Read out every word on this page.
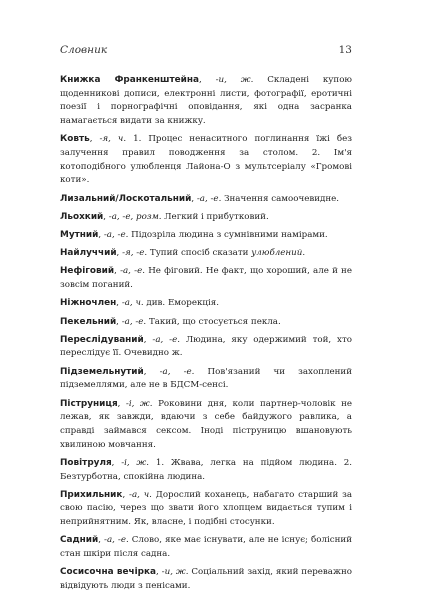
Словник	13

Книжка Франкенштейна, -и, ж. Складені купою щоденникові дописи, електронні листи, фотографії, еротичні поезії і порнографічні оповідання, які одна засранка намагається видати за книжку.

Ковть, -я, ч. 1. Процес ненаситного поглинання їжі без залучення правил поводження за столом. 2. Ім'я котоподібного улюбленця Лайона-О з мультсеріалу «Громові коти».

Лизальний/Лоскотальний, -а, -е. Значення самоочевидне.

Льохкий, -а, -е, розм. Легкий і прибутковий.

Мутний, -а, -е. Підозріла людина з сумнівними намірами.

Найлуччий, -я, -е. Тупий спосіб сказати улюблений.

Нефіговий, -а, -е. Не фіговий. Не факт, що хороший, але й не зовсім поганий.

Ніжночлен, -а, ч. див. Еморекція.

Пекельний, -а, -е. Такий, що стосується пекла.

Переслідуваний, -а, -е. Людина, яку одержимий той, хто переслідує її. Очевидно ж.

Підземельнутий, -а, -е. Пов'язаний чи захоплений підземеллями, але не в БДСМ-сенсі.

Піструниця, -і, ж. Роковини дня, коли партнер-чоловік не лежав, як завжди, вдаючи з себе байдужого равлика, а справді займався сексом. Іноді піструницю вшановують хвилиною мовчання.

Повітруля, -і, ж. 1. Жвава, легка на підйом людина. 2. Безтурботна, спокійна людина.

Прихильник, -а, ч. Дорослий коханець, набагато старший за свою пасію, через що звати його хлопцем видається тупим і неприйнятним. Як, власне, і подібні стосунки.

Садний, -а, -е. Слово, яке має існувати, але не існує; болісний стан шкіри після садна.

Сосисочна вечірка, -и, ж. Соціальний захід, який переважно відвідують люди з пенісами.
